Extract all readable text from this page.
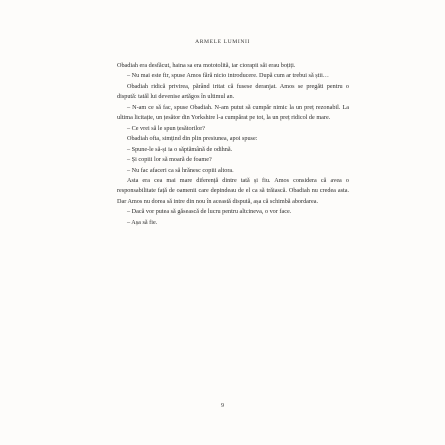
ARMELE LUMINII

Obadiah era desfăcut, haina sa era mototolită, iar ciorapii săi erau boțiți.

– Nu mai este fir, spuse Amos fără nicio introducere. După cum ar trebui să știi…

Obadiah ridică privirea, părând iritat că fusese deranjat. Amos se pregăti pentru o dispută: tatăl lui devenise artăgos în ultimul an.

– N-am ce să fac, spuse Obadiah. N-am putut să cumpăr nimic la un preț rezonabil. La ultima licitație, un țesător din Yorkshire l-a cumpărat pe tot, la un preț ridicol de mare.

– Ce vrei să le spun țesătorilor?

Obadiah ofta, simțind din plin presiunea, apoi spuse:

– Spune-le să-și ia o săptămână de odihnă.

– Și copiii lor să moară de foame?

– Nu fac afaceri ca să hrănesc copiii altora.

Asta era cea mai mare diferență dintre tată și fiu. Amos considera că avea o responsabilitate față de oamenii care depindeau de el ca să trăiască. Obadiah nu credea asta. Dar Amos nu dorea să intre din nou în această dispută, așa că schimbă abordarea.

– Dacă vor putea să găsească de lucru pentru altcineva, o vor face.

– Așa să fie.

9
